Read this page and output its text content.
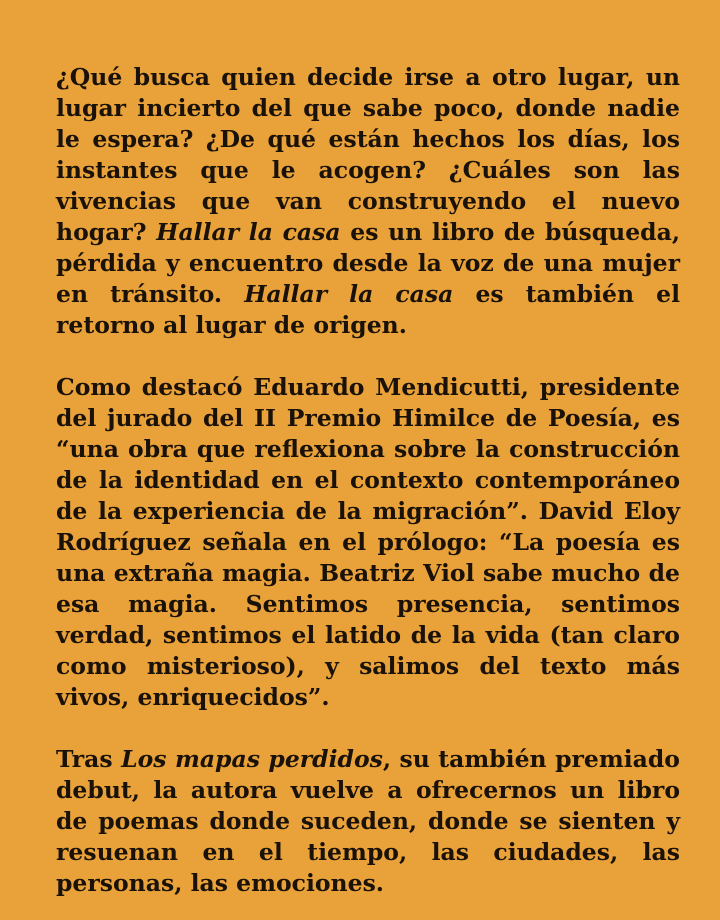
¿Qué busca quien decide irse a otro lugar, un lugar incierto del que sabe poco, donde nadie le espera? ¿De qué están hechos los días, los instantes que le acogen? ¿Cuáles son las vivencias que van construyendo el nuevo hogar? Hallar la casa es un libro de búsqueda, pérdida y encuentro desde la voz de una mujer en tránsito. Hallar la casa es también el retorno al lugar de origen.

Como destacó Eduardo Mendicutti, presidente del jurado del II Premio Himilce de Poesía, es “una obra que reflexiona sobre la construcción de la identidad en el contexto contemporáneo de la experiencia de la migración”. David Eloy Rodríguez señala en el prólogo: “La poesía es una extraña magia. Beatriz Viol sabe mucho de esa magia. Sentimos presencia, sentimos verdad, sentimos el latido de la vida (tan claro como misterioso), y salimos del texto más vivos, enriquecidos”.

Tras Los mapas perdidos, su también premiado debut, la autora vuelve a ofrecernos un libro de poemas donde suceden, donde se sienten y resuenan en el tiempo, las ciudades, las personas, las emociones.
